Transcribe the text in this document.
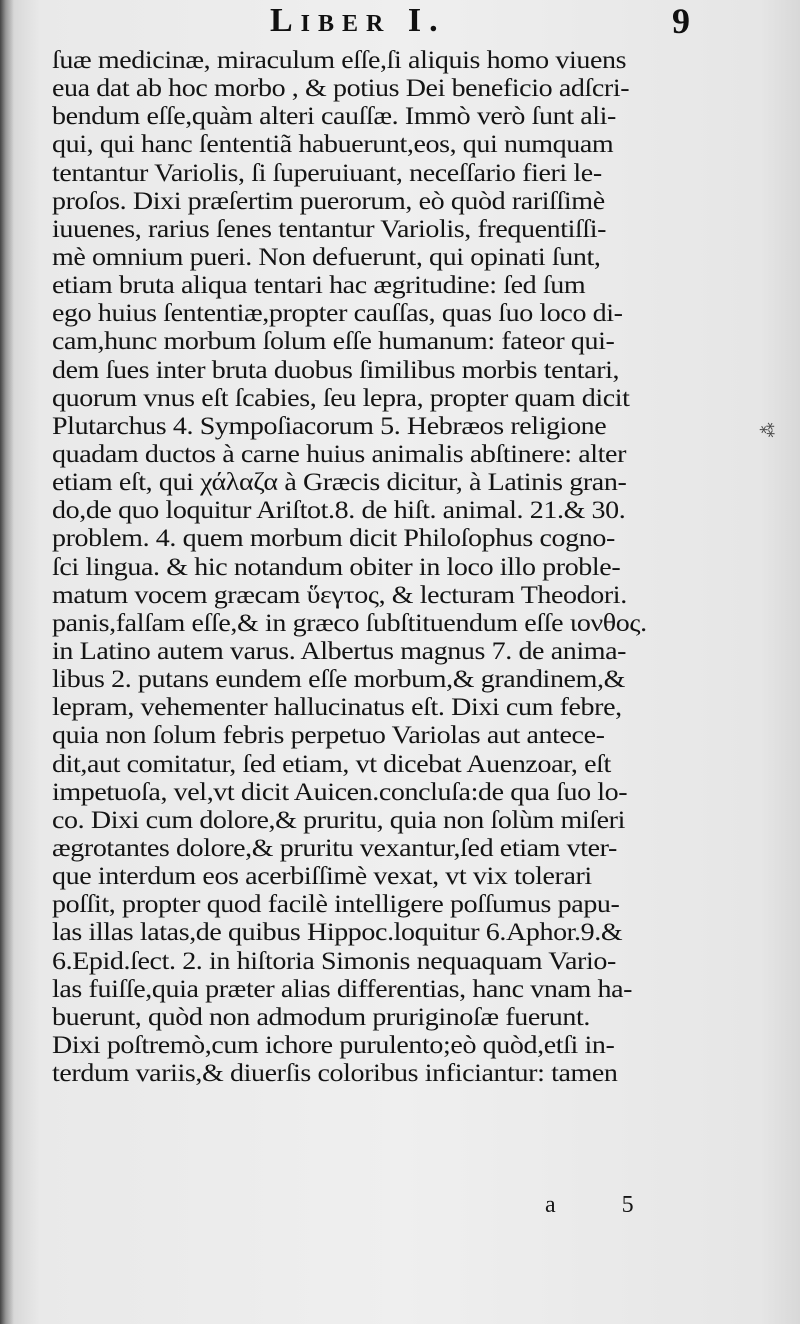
Liber I.	9
ſuæ medicinæ, miraculum eſſe,ſi aliquis homo viuens
eua dat ab hoc morbo , & potius Dei beneficio adſcri-
bendum eſſe,quàm alteri cauſſæ. Immò verò ſunt ali-
qui, qui hanc ſententiã habuerunt,eos, qui numquam
tentantur Variolis, ſi ſuperuiuant, neceſſario fieri le-
proſos. Dixi præſertim puerorum, eò quòd rariſſimè
iuuenes, rarius ſenes tentantur Variolis, frequentiſſi-
mè omnium pueri. Non defuerunt, qui opinati ſunt,
etiam bruta aliqua tentari hac ægritudine: ſed ſum
ego huius ſententiæ,propter cauſſas, quas ſuo loco di-
cam,hunc morbum ſolum eſſe humanum: fateor qui-
dem ſues inter bruta duobus ſimilibus morbis tentari,
quorum vnus eſt ſcabies, ſeu lepra, propter quam dicit
Plutarchus 4. Sympoſiacorum 5. Hebræos religione
quadam ductos à carne huius animalis abſtinere: alter
etiam eſt, qui χάλαζα à Græcis dicitur, à Latinis gran-
do,de quo loquitur Ariſtot.8. de hiſt. animal. 21.& 30.
problem. 4. quem morbum dicit Philoſophus cogno-
ſci lingua. & hic notandum obiter in loco illo proble-
matum vocem græcam ὕεγτος, & lecturam Theodori.
panis,falſam eſſe,& in græco ſubſtituendum eſſe ιονθος.
in Latino autem varus. Albertus magnus 7. de anima-
libus 2. putans eundem eſſe morbum,& grandinem,&
lepram, vehementer hallucinatus eſt. Dixi cum febre,
quia non ſolum febris perpetuo Variolas aut antece-
dit,aut comitatur, ſed etiam, vt dicebat Auenzoar, eſt
impetuoſa, vel,vt dicit Auicen.concluſa:de qua ſuo lo-
co. Dixi cum dolore,& pruritu, quia non ſolùm miſeri
ægrotantes dolore,& pruritu vexantur,ſed etiam vter-
que interdum eos acerbiſſimè vexat, vt vix tolerari
poſſit, propter quod facilè intelligere poſſumus papu-
las illas latas,de quibus Hippoc.loquitur 6.Aphor.9.&
6.Epid.ſect. 2. in hiſtoria Simonis nequaquam Vario-
las fuiſſe,quia præter alias differentias, hanc vnam ha-
buerunt, quòd non admodum pruriginoſæ fuerunt.
Dixi poſtremò,cum ichore purulento;eò quòd,etſi in-
terdum variis,& diuerſis coloribus inficiantur: tamen
a 5
⁂
